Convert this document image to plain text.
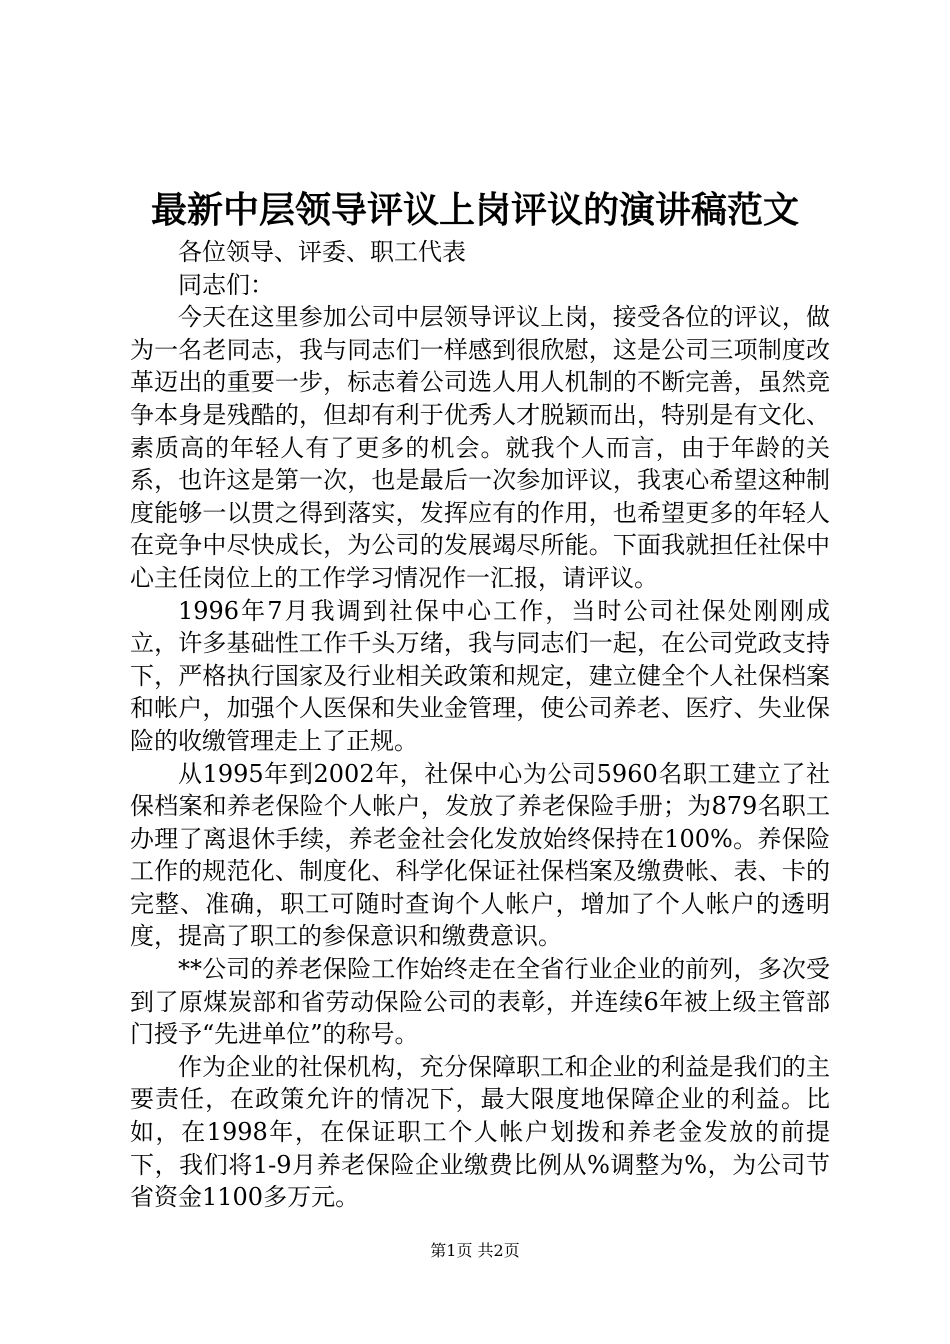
最新中层领导评议上岗评议的演讲稿范文

各位领导、评委、职工代表

同志们：

今天在这里参加公司中层领导评议上岗，接受各位的评议，做为一名老同志，我与同志们一样感到很欣慰，这是公司三项制度改革迈出的重要一步，标志着公司选人用人机制的不断完善，虽然竞争本身是残酷的，但却有利于优秀人才脱颖而出，特别是有文化、素质高的年轻人有了更多的机会。就我个人而言，由于年龄的关系，也许这是第一次，也是最后一次参加评议，我衷心希望这种制度能够一以贯之得到落实，发挥应有的作用，也希望更多的年轻人在竞争中尽快成长，为公司的发展竭尽所能。下面我就担任社保中心主任岗位上的工作学习情况作一汇报，请评议。

1996年7月我调到社保中心工作，当时公司社保处刚刚成立，许多基础性工作千头万绪，我与同志们一起，在公司党政支持下，严格执行国家及行业相关政策和规定，建立健全个人社保档案和帐户，加强个人医保和失业金管理，使公司养老、医疗、失业保险的收缴管理走上了正规。

从1995年到2002年，社保中心为公司5960名职工建立了社保档案和养老保险个人帐户，发放了养老保险手册；为879名职工办理了离退休手续，养老金社会化发放始终保持在100%。养保险工作的规范化、制度化、科学化保证社保档案及缴费帐、表、卡的完整、准确，职工可随时查询个人帐户，增加了个人帐户的透明度，提高了职工的参保意识和缴费意识。

**公司的养老保险工作始终走在全省行业企业的前列，多次受到了原煤炭部和省劳动保险公司的表彰，并连续6年被上级主管部门授予“先进单位”的称号。

作为企业的社保机构，充分保障职工和企业的利益是我们的主要责任，在政策允许的情况下，最大限度地保障企业的利益。比如，在1998年，在保证职工个人帐户划拨和养老金发放的前提下，我们将1-9月养老保险企业缴费比例从%调整为%，为公司节省资金1100多万元。

第1页 共2页
